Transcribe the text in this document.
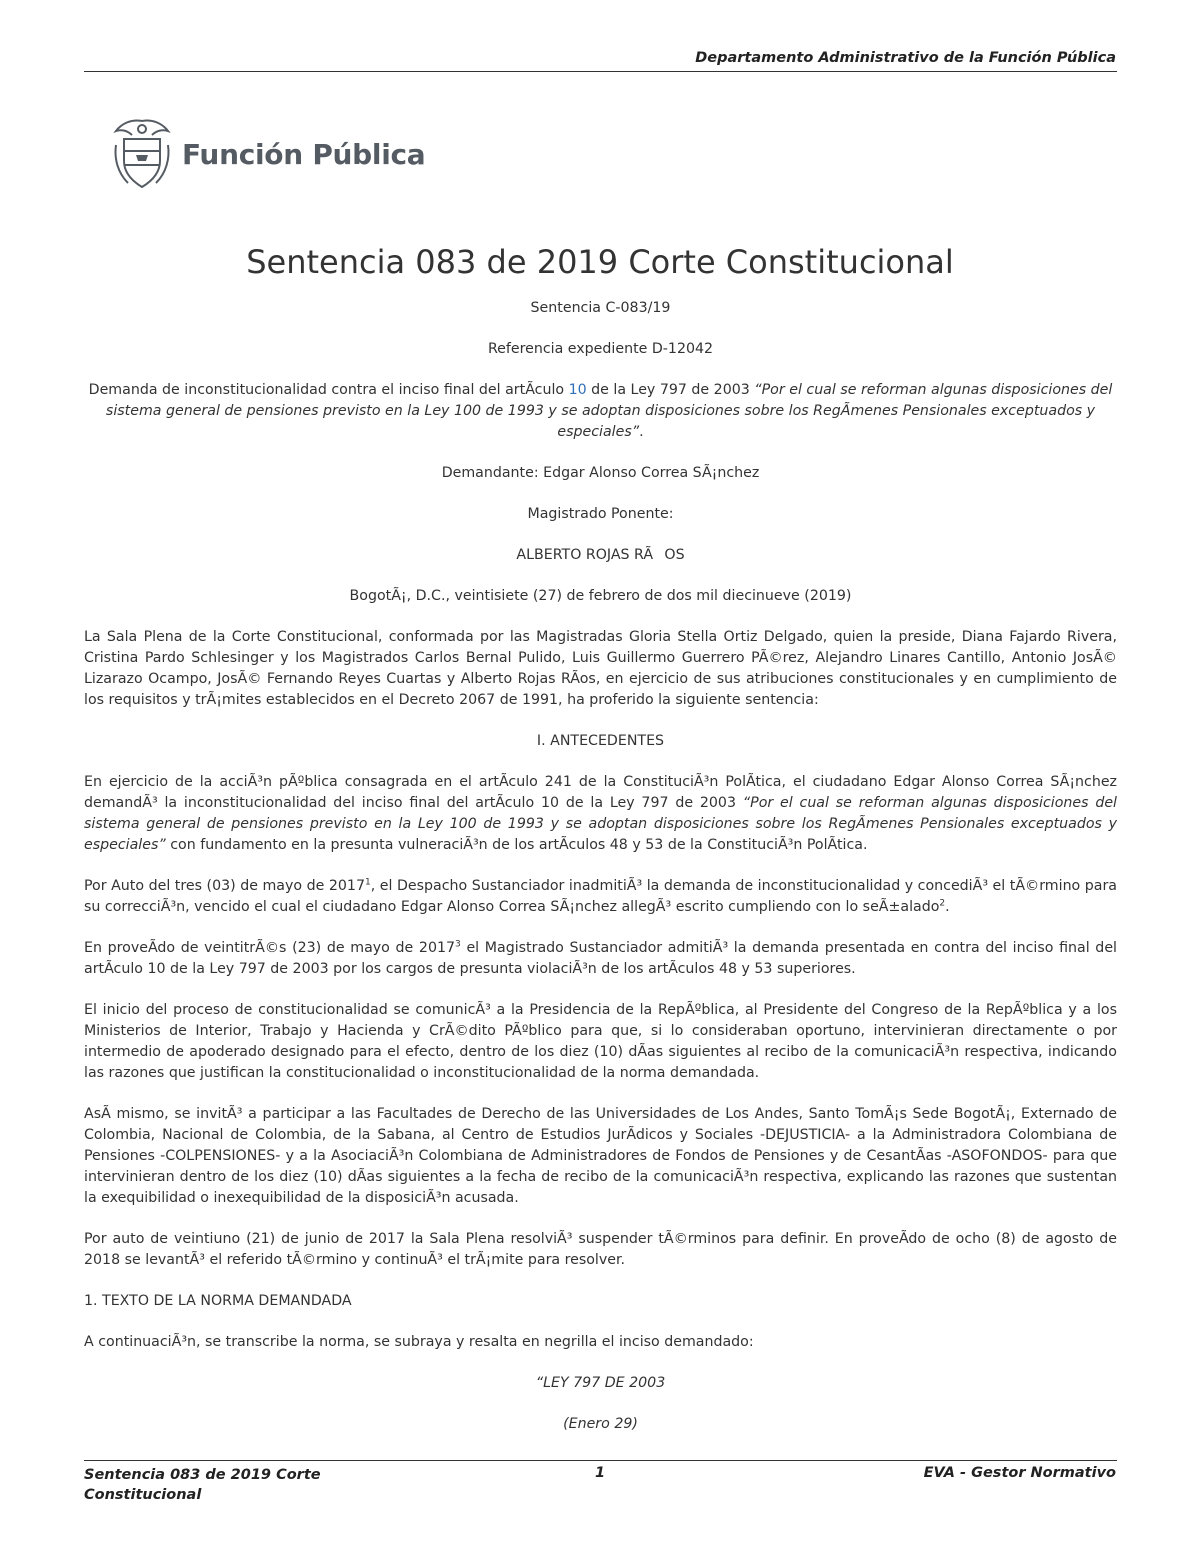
Departamento Administrativo de la Función Pública
Función Pública
Sentencia 083 de 2019 Corte Constitucional

Sentencia C-083/19

Referencia expediente D-12042

Demanda de inconstitucionalidad contra el inciso final del artÃculo 10 de la Ley 797 de 2003 “Por el cual se reforman algunas disposiciones del sistema general de pensiones previsto en la Ley 100 de 1993 y se adoptan disposiciones sobre los RegÃmenes Pensionales exceptuados y especiales”.

Demandante: Edgar Alonso Correa SÃ¡nchez

Magistrado Ponente:

ALBERTO ROJAS RÃOS

BogotÃ¡, D.C., veintisiete (27) de febrero de dos mil diecinueve (2019)

La Sala Plena de la Corte Constitucional, conformada por las Magistradas Gloria Stella Ortiz Delgado, quien la preside, Diana Fajardo Rivera, Cristina Pardo Schlesinger y los Magistrados Carlos Bernal Pulido, Luis Guillermo Guerrero PÃ©rez, Alejandro Linares Cantillo, Antonio JosÃ© Lizarazo Ocampo, JosÃ© Fernando Reyes Cuartas y Alberto Rojas RÃos, en ejercicio de sus atribuciones constitucionales y en cumplimiento de los requisitos y trÃ¡mites establecidos en el Decreto 2067 de 1991, ha proferido la siguiente sentencia:

I. ANTECEDENTES

En ejercicio de la acciÃ³n pÃºblica consagrada en el artÃculo 241 de la ConstituciÃ³n PolÃtica, el ciudadano Edgar Alonso Correa SÃ¡nchez demandÃ³ la inconstitucionalidad del inciso final del artÃculo 10 de la Ley 797 de 2003 “Por el cual se reforman algunas disposiciones del sistema general de pensiones previsto en la Ley 100 de 1993 y se adoptan disposiciones sobre los RegÃmenes Pensionales exceptuados y especiales” con fundamento en la presunta vulneraciÃ³n de los artÃculos 48 y 53 de la ConstituciÃ³n PolÃtica.

Por Auto del tres (03) de mayo de 2017$^1$, el Despacho Sustanciador inadmitiÃ³ la demanda de inconstitucionalidad y concediÃ³ el tÃ©rmino para su correcciÃ³n, vencido el cual el ciudadano Edgar Alonso Correa SÃ¡nchez allegÃ³ escrito cumpliendo con lo seÃ±alado$^2$.

En proveÃdo de veintitrÃ©s (23) de mayo de 2017$^3$ el Magistrado Sustanciador admitiÃ³ la demanda presentada en contra del inciso final del artÃculo 10 de la Ley 797 de 2003 por los cargos de presunta violaciÃ³n de los artÃculos 48 y 53 superiores.

El inicio del proceso de constitucionalidad se comunicÃ³ a la Presidencia de la RepÃºblica, al Presidente del Congreso de la RepÃºblica y a los Ministerios de Interior, Trabajo y Hacienda y CrÃ©dito PÃºblico para que, si lo consideraban oportuno, intervinieran directamente o por intermedio de apoderado designado para el efecto, dentro de los diez (10) dÃas siguientes al recibo de la comunicaciÃ³n respectiva, indicando las razones que justifican la constitucionalidad o inconstitucionalidad de la norma demandada.

AsÃ mismo, se invitÃ³ a participar a las Facultades de Derecho de las Universidades de Los Andes, Santo TomÃ¡s Sede BogotÃ¡, Externado de Colombia, Nacional de Colombia, de la Sabana, al Centro de Estudios JurÃdicos y Sociales -DEJUSTICIA- a la Administradora Colombiana de Pensiones -COLPENSIONES- y a la AsociaciÃ³n Colombiana de Administradores de Fondos de Pensiones y de CesantÃas -ASOFONDOS- para que intervinieran dentro de los diez (10) dÃas siguientes a la fecha de recibo de la comunicaciÃ³n respectiva, explicando las razones que sustentan la exequibilidad o inexequibilidad de la disposiciÃ³n acusada.

Por auto de veintiuno (21) de junio de 2017 la Sala Plena resolviÃ³ suspender tÃ©rminos para definir. En proveÃdo de ocho (8) de agosto de 2018 se levantÃ³ el referido tÃ©rmino y continuÃ³ el trÃ¡mite para resolver.

1. TEXTO DE LA NORMA DEMANDADA

A continuaciÃ³n, se transcribe la norma, se subraya y resalta en negrilla el inciso demandado:

“LEY 797 DE 2003

(Enero 29)

Sentencia 083 de 2019 Corte Constitucional
1	EVA - Gestor Normativo
